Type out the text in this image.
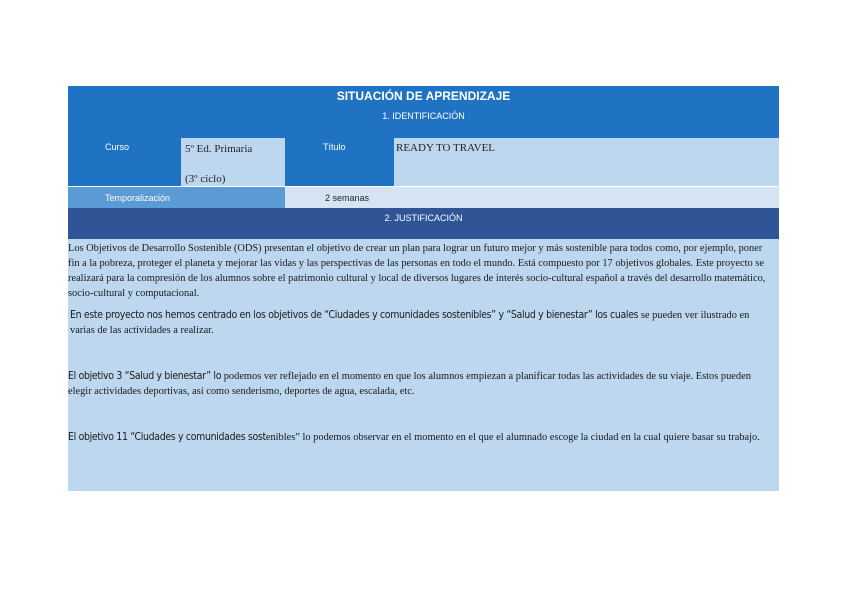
SITUACIÓN DE APRENDIZAJE
1. IDENTIFICACIÓN
Curso	5º Ed. Primaria
(3º ciclo)
Título	READY TO TRAVEL
Temporalización	2 semanas
2. JUSTIFICACIÓN

Los Objetivos de Desarrollo Sostenible (ODS) presentan el objetivo de crear un plan para lograr un futuro mejor y más sostenible para todos como, por ejemplo, poner fin a la pobreza, proteger el planeta y mejorar las vidas y las perspectivas de las personas en todo el mundo. Está compuesto por 17 objetivos globales. Este proyecto se realizará para la compresión de los alumnos sobre el patrimonio cultural y local de diversos lugares de interés socio-cultural español a través del desarrollo matemático, socio-cultural y computacional.

En este proyecto nos hemos centrado en los objetivos de “Ciudades y comunidades sostenibles” y “Salud y bienestar” los cuales se pueden ver ilustrado en varias de las actividades a realizar.

El objetivo 3 “Salud y bienestar” lo podemos ver reflejado en el momento en que los alumnos empiezan a planificar todas las actividades de su viaje. Estos pueden elegir actividades deportivas, así como senderismo, deportes de agua, escalada, etc.

El objetivo 11 “Ciudades y comunidades sostenibles” lo podemos observar en el momento en el que el alumnado escoge la ciudad en la cual quiere basar su trabajo.
